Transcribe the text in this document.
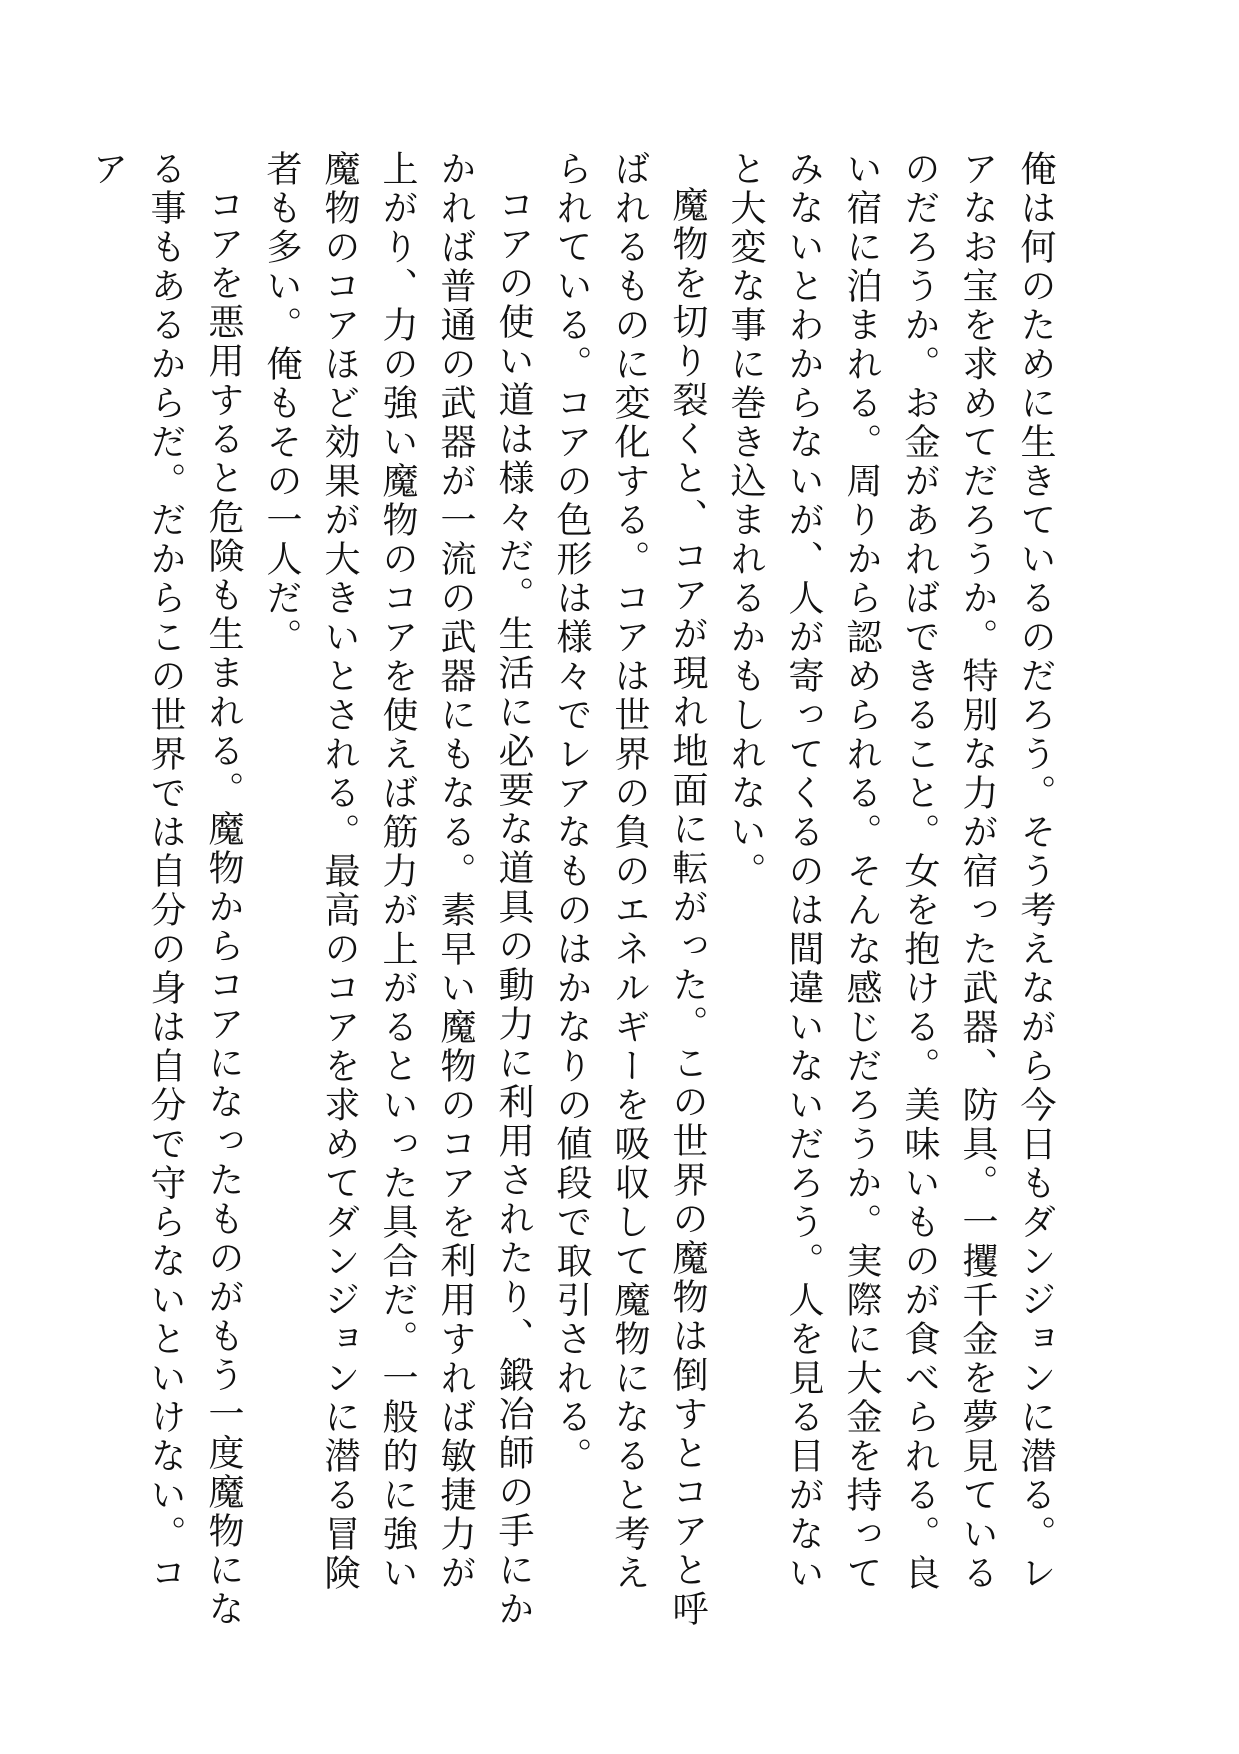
俺は何のために生きているのだろう。そう考えながら今日もダンジョンに潜る。レアなお宝を求めてだろうか。特別な力が宿った武器、防具。一攫千金を夢見ているのだろうか。お金があればできること。女を抱ける。美味いものが食べられる。良い宿に泊まれる。周りから認められる。そんな感じだろうか。実際に大金を持ってみないとわからないが、人が寄ってくるのは間違いないだろう。人を見る目がないと大変な事に巻き込まれるかもしれない。

魔物を切り裂くと、コアが現れ地面に転がった。この世界の魔物は倒すとコアと呼ばれるものに変化する。コアは世界の負のエネルギーを吸収して魔物になると考えられている。コアの色形は様々でレアなものはかなりの値段で取引される。

コアの使い道は様々だ。生活に必要な道具の動力に利用されたり、鍛冶師の手にかかれば普通の武器が一流の武器にもなる。素早い魔物のコアを利用すれば敏捷力が上がり、力の強い魔物のコアを使えば筋力が上がるといった具合だ。一般的に強い魔物のコアほど効果が大きいとされる。最高のコアを求めてダンジョンに潜る冒険者も多い。俺もその一人だ。

コアを悪用すると危険も生まれる。魔物からコアになったものがもう一度魔物になる事もあるからだ。だからこの世界では自分の身は自分で守らないといけない。コア
